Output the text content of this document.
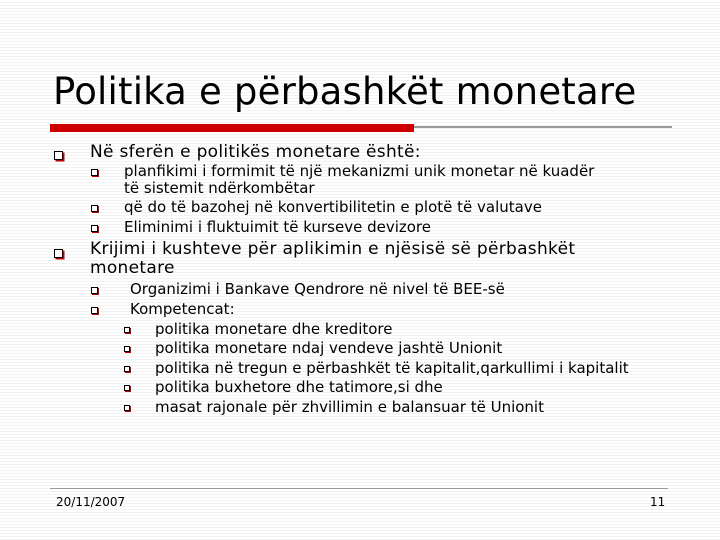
Politika e përbashkët monetare
Në sferën e politikës monetare është:
planfikimi i formimit të një mekanizmi unik monetar në kuadër
të sistemit ndërkombëtar
që do të bazohej në konvertibilitetin e plotë të valutave
Eliminimi i fluktuimit të kurseve devizore
Krijimi i kushteve për aplikimin e njësisë së përbashkët
monetare
Organizimi i Bankave Qendrore në nivel të BEE-së
Kompetencat:
politika monetare dhe kreditore
politika monetare ndaj vendeve jashtë Unionit
politika në tregun e përbashkët të kapitalit,qarkullimi i kapitalit
politika buxhetore dhe tatimore,si dhe
masat rajonale për zhvillimin e balansuar të Unionit
20/11/2007	11
